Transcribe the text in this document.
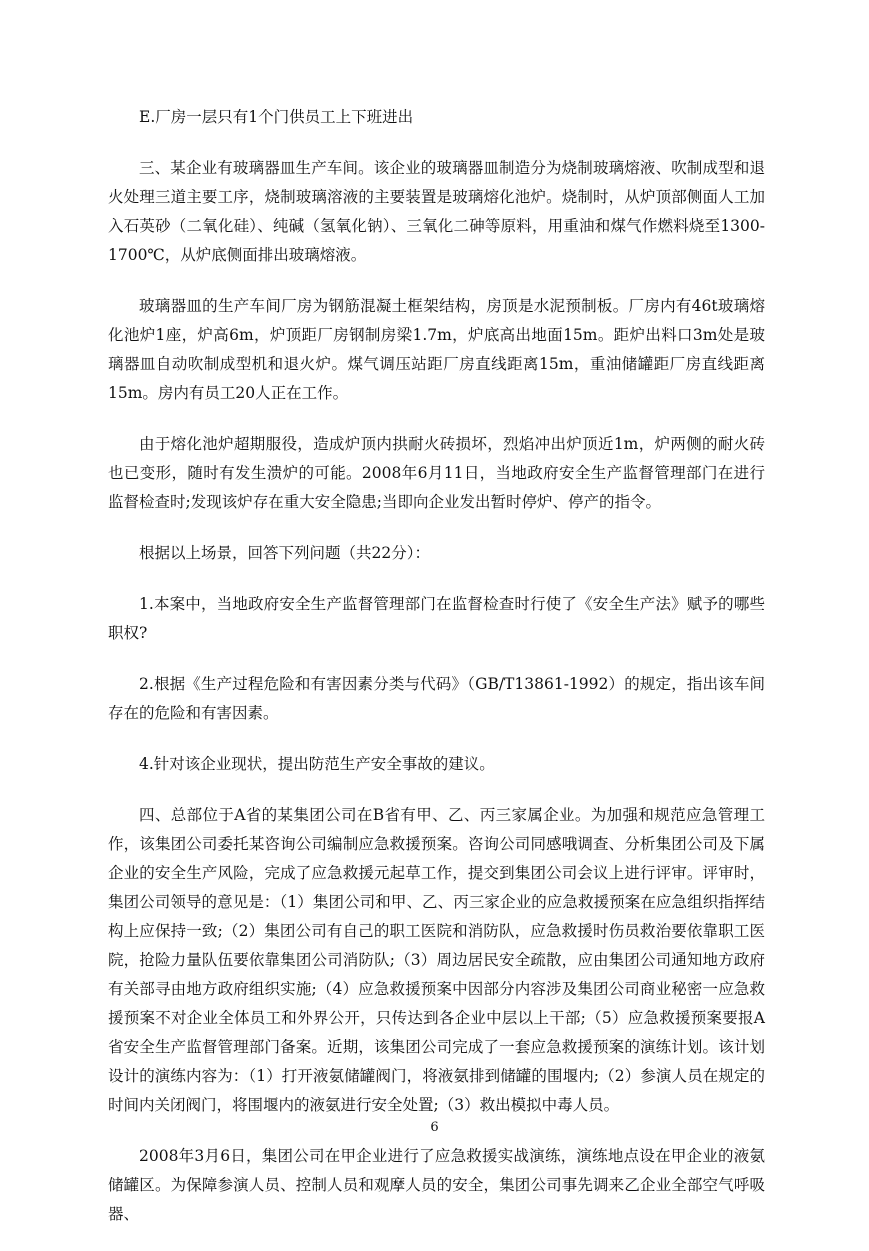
E.厂房一层只有1个门供员工上下班进出

三、某企业有玻璃器皿生产车间。该企业的玻璃器皿制造分为烧制玻璃熔液、吹制成型和退火处理三道主要工序，烧制玻璃溶液的主要装置是玻璃熔化池炉。烧制时，从炉顶部侧面人工加入石英砂（二氧化硅）、纯碱（氢氧化钠）、三氧化二砷等原料，用重油和煤气作燃料烧至1300-1700℃，从炉底侧面排出玻璃熔液。

玻璃器皿的生产车间厂房为钢筋混凝土框架结构，房顶是水泥预制板。厂房内有46t玻璃熔化池炉1座，炉高6m，炉顶距厂房钢制房梁1.7m，炉底高出地面15m。距炉出料口3m处是玻璃器皿自动吹制成型机和退火炉。煤气调压站距厂房直线距离15m，重油储罐距厂房直线距离15m。房内有员工20人正在工作。

由于熔化池炉超期服役，造成炉顶内拱耐火砖损坏，烈焰冲出炉顶近1m，炉两侧的耐火砖也已变形，随时有发生溃炉的可能。2008年6月11日，当地政府安全生产监督管理部门在进行监督检查时;发现该炉存在重大安全隐患;当即向企业发出暂时停炉、停产的指令。

根据以上场景，回答下列问题（共22分）：

1.本案中，当地政府安全生产监督管理部门在监督检查时行使了《安全生产法》赋予的哪些职权?

2.根据《生产过程危险和有害因素分类与代码》（GB/T13861-1992）的规定，指出该车间存在的危险和有害因素。

4.针对该企业现状，提出防范生产安全事故的建议。

四、总部位于A省的某集团公司在B省有甲、乙、丙三家属企业。为加强和规范应急管理工作，该集团公司委托某咨询公司编制应急救援预案。咨询公司同感哦调查、分析集团公司及下属企业的安全生产风险，完成了应急救援元起草工作，提交到集团公司会议上进行评审。评审时，集团公司领导的意见是：（1）集团公司和甲、乙、丙三家企业的应急救援预案在应急组织指挥结构上应保持一致;（2）集团公司有自己的职工医院和消防队，应急救援时伤员救治要依靠职工医院，抢险力量队伍要依靠集团公司消防队;（3）周边居民安全疏散，应由集团公司通知地方政府有关部寻由地方政府组织实施;（4）应急救援预案中因部分内容涉及集团公司商业秘密一应急救援预案不对企业全体员工和外界公开，只传达到各企业中层以上干部;（5）应急救援预案要报A省安全生产监督管理部门备案。近期，该集团公司完成了一套应急救援预案的演练计划。该计划设计的演练内容为：（1）打开液氨储罐阀门，将液氨排到储罐的围堰内;（2）参演人员在规定的时间内关闭阀门，将围堰内的液氨进行安全处置;（3）救出模拟中毒人员。

2008年3月6日，集团公司在甲企业进行了应急救援实战演练，演练地点设在甲企业的液氨储罐区。为保障参演人员、控制人员和观摩人员的安全，集团公司事先调来乙企业全部空气呼吸器、

6
